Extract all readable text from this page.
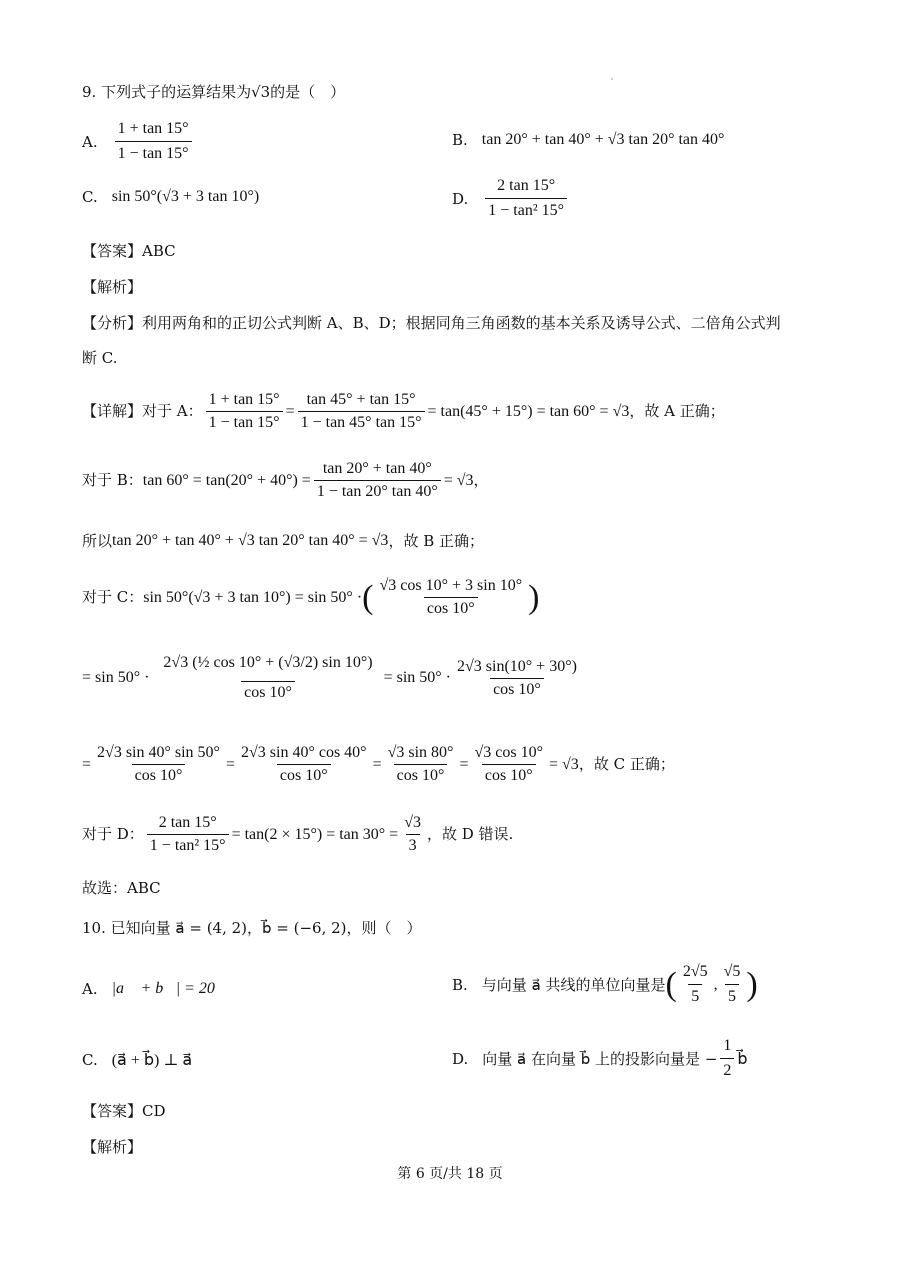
9. 下列式子的运算结果为√3的是（　）
A. $\frac{1 + \tan 15^\circ}{1 - \tan 15^\circ}$	B. tan 20° + tan 40° + √3 tan 20° tan 40°
C. sin 50°(√3 + 3 tan 10°)	D. $\frac{2 \tan 15^\circ}{\text{1 − tan² 15°}}$
【答案】ABC
【解析】
【分析】利用两角和的正切公式判断 A、B、D；根据同角三角函数的基本关系及诱导公式、二倍角公式判
断 C.
【详解】对于 A： $\frac{1 + \tan 15^\circ}{1 - \tan 15^\circ} = \frac{\tan 45^\circ + \tan 15^\circ}{1 - \tan 45^\circ \tan 15^\circ} = \tan(45^\circ + 15^\circ) = \tan 60^\circ = √3$ ，故 A 正确；
对于 B： $\tan 60^\circ = \tan(20^\circ + 40^\circ) = \frac{\tan 20^\circ + \tan 40^\circ}{1 - \tan 20^\circ \tan 40^\circ} = √3$ ，
所以 tan 20° + tan 40° + √3 tan 20° tan 40° = √3 ，故 B 正确；
对于 C： sin 50°(√3 + 3 tan 10°) = sin 50° · ( $\frac{√3 \cos 10^\circ + 3 \sin 10^\circ}{\cos 10^\circ}$ )
= $\sin 50^\circ \cdot \frac{\text{2√3 (½ cos 10° + (√3/2) sin 10°)}}{\cos 10^\circ} = \sin 50^\circ \cdot \frac{2√3 \sin(10^\circ + 30^\circ)}{\cos 10^\circ}$
= $\frac{2√3 \sin 40^\circ \sin 50^\circ}{\cos 10^\circ} = \frac{2√3 \sin 40^\circ \cos 40^\circ}{\cos 10^\circ} = \frac{√3 \sin 80^\circ}{\cos 10^\circ} = \frac{√3 \cos 10^\circ}{\cos 10^\circ} = √3$ ，故 C 正确；
对于 D： $\frac{2 \tan 15^\circ}{\text{1 − tan² 15°}} = \tan(2 \times 15^\circ) = \tan 30^\circ = \frac{√3}{3}$ ，故 D 错误.
故选：ABC
10. 已知向量 a⃗ = (4, 2)，b⃗ = (−6, 2)，则（　）
A. |a⃗ + b⃗| = 20	B. 与向量 a⃗ 共线的单位向量是 ( $\frac{2√5}{5}$ , $\frac{√5}{5}$ )
C. (a⃗ + b⃗) ⊥ a⃗	D. 向量 a⃗ 在向量 b⃗ 上的投影向量是 − $\frac{1}{2}$ b⃗
【答案】CD
【解析】
第 6 页/共 18 页
